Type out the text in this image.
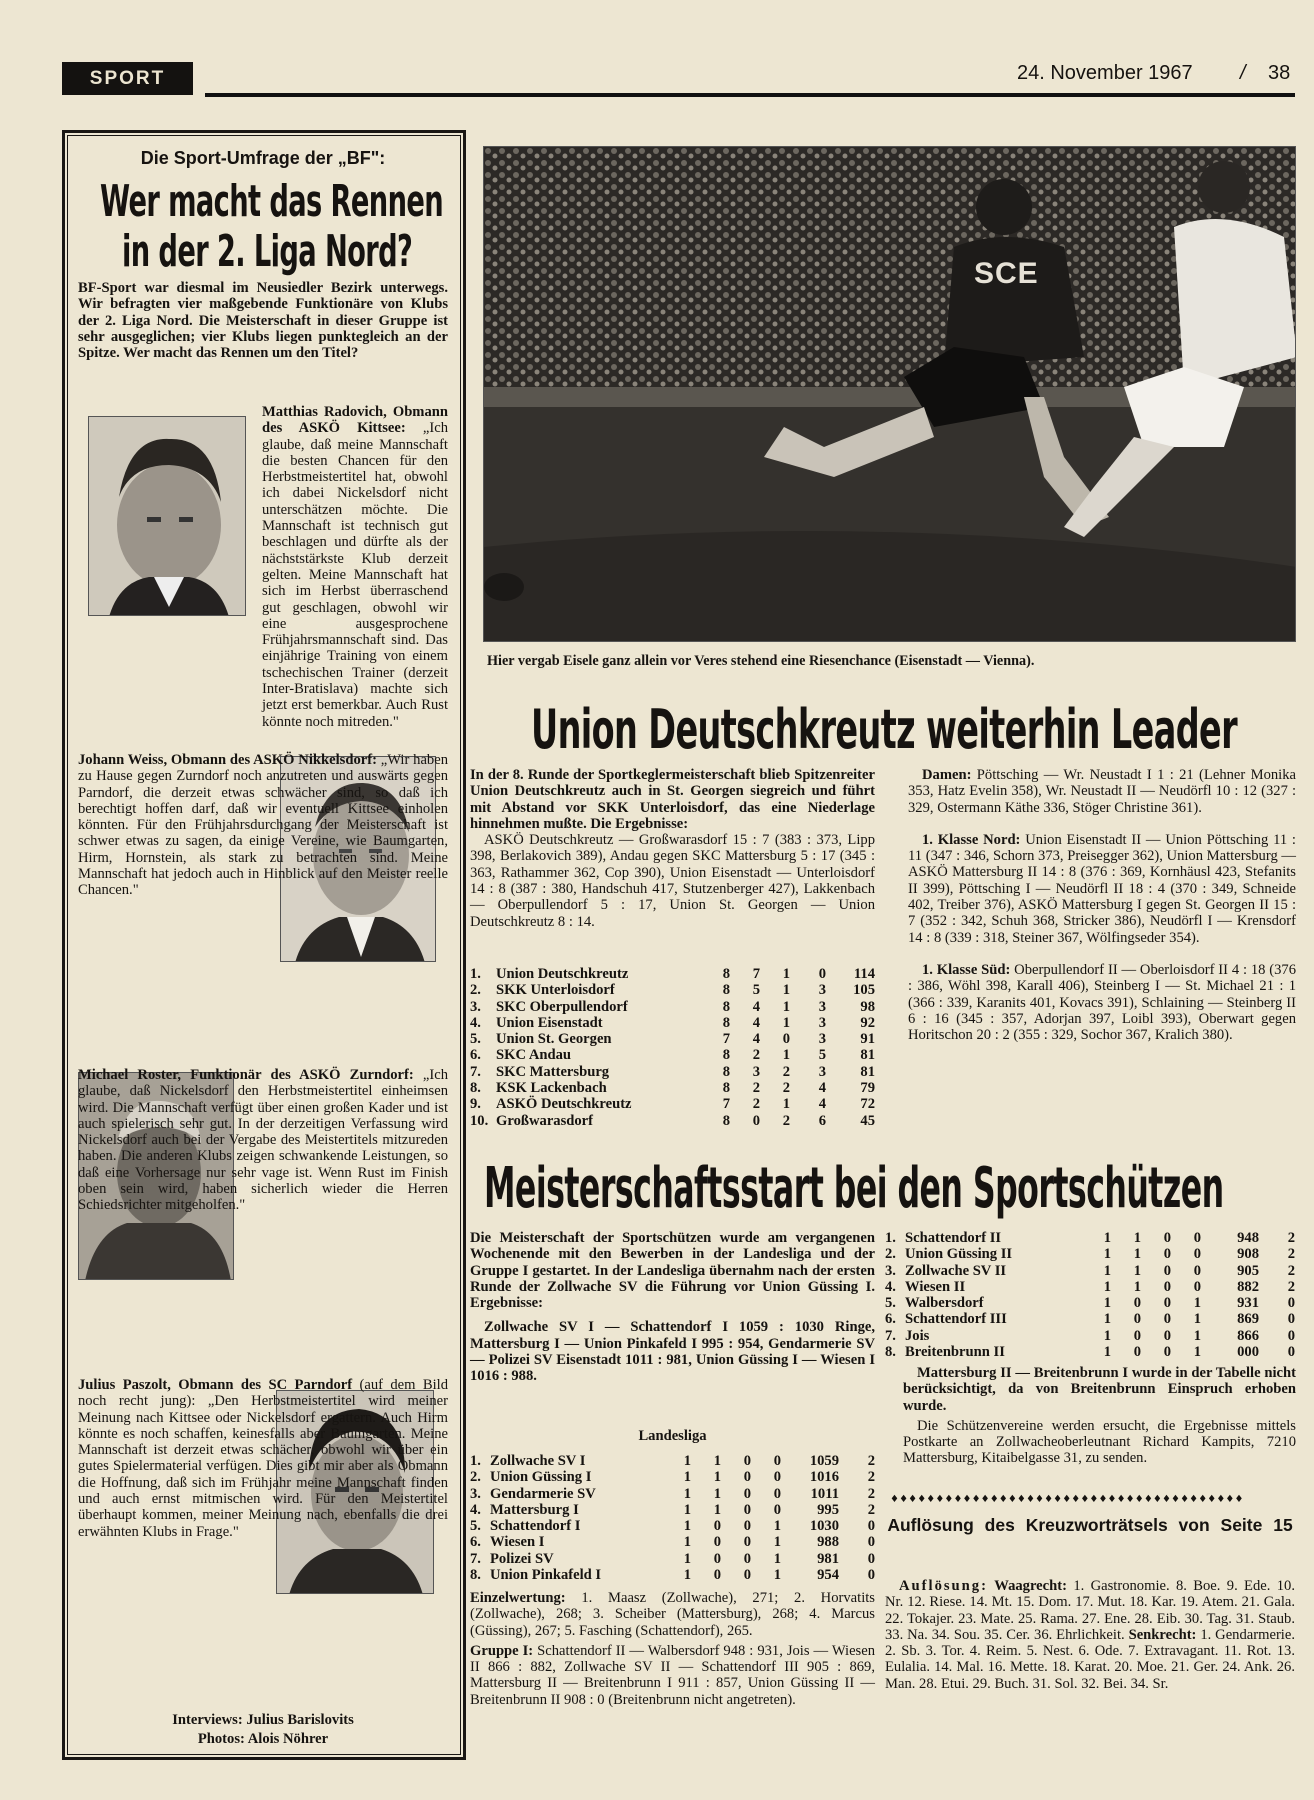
SPORT	24. November 1967 / 38
Die Sport-Umfrage der „BF":
Wer macht das Rennen
in der 2. Liga Nord?
BF-Sport war diesmal im Neusiedler Bezirk unterwegs. Wir befragten vier maßgebende Funktionäre von Klubs der 2. Liga Nord. Die Meisterschaft in dieser Gruppe ist sehr ausgeglichen; vier Klubs liegen punktegleich an der Spitze. Wer macht das Rennen um den Titel?
Matthias Radovich, Obmann des ASKÖ Kittsee: „Ich glaube, daß meine Mannschaft die besten Chancen für den Herbstmeistertitel hat, obwohl ich dabei Nickelsdorf nicht unterschätzen möchte. Die Mannschaft ist technisch gut beschlagen und dürfte als der nächststärkste Klub derzeit gelten. Meine Mannschaft hat sich im Herbst überraschend gut geschlagen, obwohl wir eine ausgesprochene Frühjahrsmannschaft sind. Das einjährige Training von einem tschechischen Trainer (derzeit Inter-Bratislava) machte sich jetzt erst bemerkbar. Auch Rust könnte noch mitreden."
Johann Weiss, Obmann des ASKÖ Nikkelsdorf: „Wir haben zu Hause gegen Zurndorf noch anzutreten und auswärts gegen Parndorf, die derzeit etwas schwächer sind, so daß ich berechtigt hoffen darf, daß wir eventuell Kittsee einholen könnten. Für den Frühjahrsdurchgang der Meisterschaft ist schwer etwas zu sagen, da einige Vereine, wie Baumgarten, Hirm, Hornstein, als stark zu betrachten sind. Meine Mannschaft hat jedoch auch in Hinblick auf den Meister reelle Chancen."
Michael Roster, Funktionär des ASKÖ Zurndorf: „Ich glaube, daß Nickelsdorf den Herbstmeistertitel einheimsen wird. Die Mannschaft verfügt über einen großen Kader und ist auch spielerisch sehr gut. In der derzeitigen Verfassung wird Nickelsdorf auch bei der Vergabe des Meistertitels mitzureden haben. Die anderen Klubs zeigen schwankende Leistungen, so daß eine Vorhersage nur sehr vage ist. Wenn Rust im Finish oben sein wird, haben sicherlich wieder die Herren Schiedsrichter mitgeholfen."
Julius Paszolt, Obmann des SC Parndorf (auf dem Bild noch recht jung): „Den Herbstmeistertitel wird meiner Meinung nach Kittsee oder Nickelsdorf ergattern. Auch Hirm könnte es noch schaffen, keinesfalls aber Baumgarten. Meine Mannschaft ist derzeit etwas schächer, obwohl wir über ein gutes Spielermaterial verfügen. Dies gibt mir aber als Obmann die Hoffnung, daß sich im Frühjahr meine Mannschaft finden und auch ernst mitmischen wird. Für den Meistertitel überhaupt kommen, meiner Meinung nach, ebenfalls die drei erwähnten Klubs in Frage."
Interviews: Julius Barislovits
Photos: Alois Nöhrer
SCE
Hier vergab Eisele ganz allein vor Veres stehend eine Riesenchance (Eisenstadt — Vienna).
Union Deutschkreutz weiterhin Leader

In der 8. Runde der Sportkeglermeisterschaft blieb Spitzenreiter Union Deutschkreutz auch in St. Georgen siegreich und führt mit Abstand vor SKK Unterloisdorf, das eine Niederlage hinnehmen mußte. Die Ergebnisse:

ASKÖ Deutschkreutz — Großwarasdorf 15 : 7 (383 : 373, Lipp 398, Berlakovich 389), Andau gegen SKC Mattersburg 5 : 17 (345 : 363, Rathammer 362, Cop 390), Union Eisenstadt — Unterloisdorf 14 : 8 (387 : 380, Handschuh 417, Stutzenberger 427), Lakkenbach — Oberpullendorf 5 : 17, Union St. Georgen — Union Deutschkreutz 8 : 14.

1.	Union Deutschkreutz	8	7	1	0	114
2.	SKK Unterloisdorf	8	5	1	3	105
3.	SKC Oberpullendorf	8	4	1	3	98
4.	Union Eisenstadt	8	4	1	3	92
5.	Union St. Georgen	7	4	0	3	91
6.	SKC Andau	8	2	1	5	81
7.	SKC Mattersburg	8	3	2	3	81
8.	KSK Lackenbach	8	2	2	4	79
9.	ASKÖ Deutschkreutz	7	2	1	4	72
10.	Großwarasdorf	8	0	2	6	45

Damen: Pöttsching — Wr. Neustadt I 1 : 21 (Lehner Monika 353, Hatz Evelin 358), Wr. Neustadt II — Neudörfl 10 : 12 (327 : 329, Ostermann Käthe 336, Stöger Christine 361).

1. Klasse Nord: Union Eisenstadt II — Union Pöttsching 11 : 11 (347 : 346, Schorn 373, Preisegger 362), Union Mattersburg — ASKÖ Mattersburg II 14 : 8 (376 : 369, Kornhäusl 423, Stefanits II 399), Pöttsching I — Neudörfl II 18 : 4 (370 : 349, Schneide 402, Treiber 376), ASKÖ Mattersburg I gegen St. Georgen II 15 : 7 (352 : 342, Schuh 368, Stricker 386), Neudörfl I — Krensdorf 14 : 8 (339 : 318, Steiner 367, Wölfingseder 354).

1. Klasse Süd: Oberpullendorf II — Oberloisdorf II 4 : 18 (376 : 386, Wöhl 398, Karall 406), Steinberg I — St. Michael 21 : 1 (366 : 339, Karanits 401, Kovacs 391), Schlaining — Steinberg II 6 : 16 (345 : 357, Adorjan 397, Loibl 393), Oberwart gegen Horitschon 20 : 2 (355 : 329, Sochor 367, Kralich 380).

Meisterschaftsstart bei den Sportschützen

Die Meisterschaft der Sportschützen wurde am vergangenen Wochenende mit den Bewerben in der Landesliga und der Gruppe I gestartet. In der Landesliga übernahm nach der ersten Runde der Zollwache SV die Führung vor Union Güssing I. Ergebnisse:

Zollwache SV I — Schattendorf I 1059 : 1030 Ringe, Mattersburg I — Union Pinkafeld I 995 : 954, Gendarmerie SV — Polizei SV Eisenstadt 1011 : 981, Union Güssing I — Wiesen I 1016 : 988.

Landesliga
1.	Zollwache SV I	1	1	0	0	1059	2
2.	Union Güssing I	1	1	0	0	1016	2
3.	Gendarmerie SV	1	1	0	0	1011	2
4.	Mattersburg I	1	1	0	0	995	2
5.	Schattendorf I	1	0	0	1	1030	0
6.	Wiesen I	1	0	0	1	988	0
7.	Polizei SV	1	0	0	1	981	0
8.	Union Pinkafeld I	1	0	0	1	954	0

Einzelwertung: 1. Maasz (Zollwache), 271; 2. Horvatits (Zollwache), 268; 3. Scheiber (Mattersburg), 268; 4. Marcus (Güssing), 267; 5. Fasching (Schattendorf), 265.

Gruppe I: Schattendorf II — Walbersdorf 948 : 931, Jois — Wiesen II 866 : 882, Zollwache SV II — Schattendorf III 905 : 869, Mattersburg II — Breitenbrunn I 911 : 857, Union Güssing II — Breitenbrunn II 908 : 0 (Breitenbrunn nicht angetreten).

1.	Schattendorf II	1	1	0	0	948	2
2.	Union Güssing II	1	1	0	0	908	2
3.	Zollwache SV II	1	1	0	0	905	2
4.	Wiesen II	1	1	0	0	882	2
5.	Walbersdorf	1	0	0	1	931	0
6.	Schattendorf III	1	0	0	1	869	0
7.	Jois	1	0	0	1	866	0
8.	Breitenbrunn II	1	0	0	1	000	0

Mattersburg II — Breitenbrunn I wurde in der Tabelle nicht berücksichtigt, da von Breitenbrunn Einspruch erhoben wurde.

Die Schützenvereine werden ersucht, die Ergebnisse mittels Postkarte an Zollwacheoberleutnant Richard Kampits, 7210 Mattersburg, Kitaibelgasse 31, zu senden.

♦♦♦♦♦♦♦♦♦♦♦♦♦♦♦♦♦♦♦♦♦♦♦♦♦♦♦♦♦♦♦♦♦♦♦♦♦♦♦
Auflösung des Kreuzworträtsels von Seite 15

Auflösung: Waagrecht: 1. Gastronomie. 8. Boe. 9. Ede. 10. Nr. 12. Riese. 14. Mt. 15. Dom. 17. Mut. 18. Kar. 19. Atem. 21. Gala. 22. Tokajer. 23. Mate. 25. Rama. 27. Ene. 28. Eib. 30. Tag. 31. Staub. 33. Na. 34. Sou. 35. Cer. 36. Ehrlichkeit. Senkrecht: 1. Gendarmerie. 2. Sb. 3. Tor. 4. Reim. 5. Nest. 6. Ode. 7. Extravagant. 11. Rot. 13. Eulalia. 14. Mal. 16. Mette. 18. Karat. 20. Moe. 21. Ger. 24. Ank. 26. Man. 28. Etui. 29. Buch. 31. Sol. 32. Bei. 34. Sr.
